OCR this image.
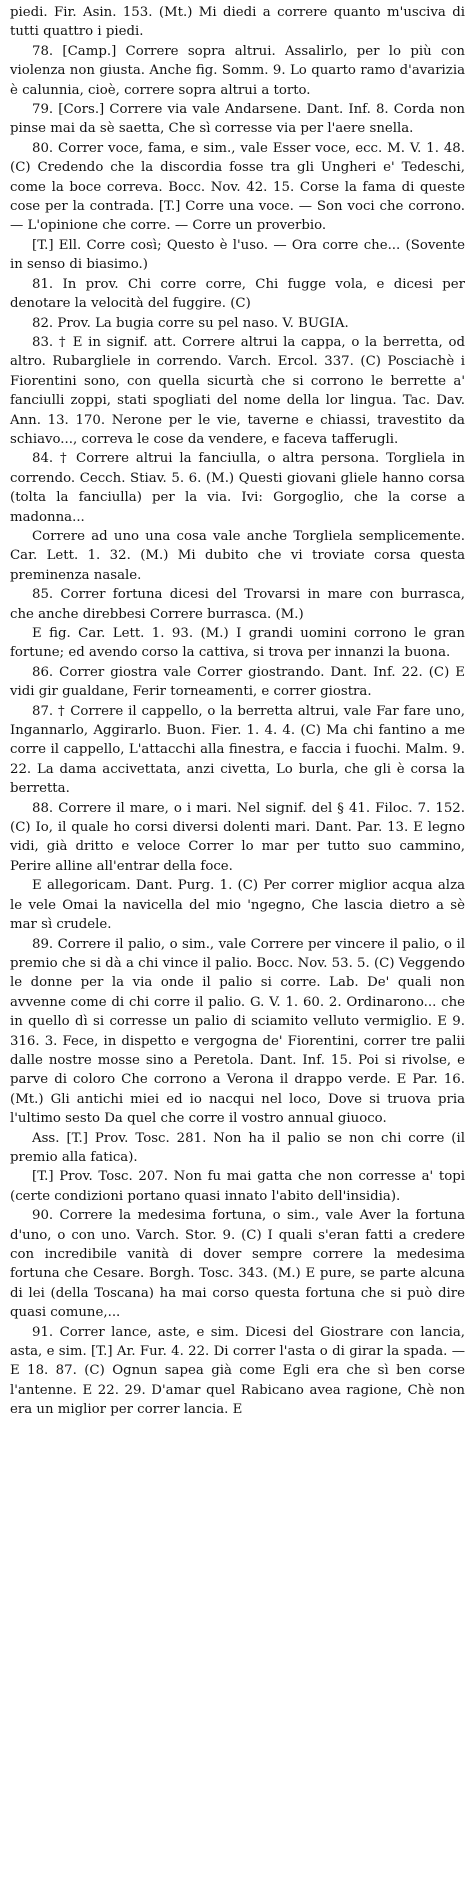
piedi. Fir. Asin. 153. (Mt.) Mi diedi a correre quanto m'usciva di tutti quattro i piedi.

78. [Camp.] Correre sopra altrui. Assalirlo, per lo più con violenza non giusta. Anche fig. Somm. 9. Lo quarto ramo d'avarizia è calunnia, cioè, correre sopra altrui a torto.

79. [Cors.] Correre via vale Andarsene. Dant. Inf. 8. Corda non pinse mai da sè saetta, Che sì corresse via per l'aere snella.

80. Correr voce, fama, e sim., vale Esser voce, ecc. M. V. 1. 48. (C) Credendo che la discordia fosse tra gli Ungheri e' Tedeschi, come la boce correva. Bocc. Nov. 42. 15. Corse la fama di queste cose per la contrada. [T.] Corre una voce. — Son voci che corrono. — L'opinione che corre. — Corre un proverbio.

[T.] Ell. Corre così; Questo è l'uso. — Ora corre che... (Sovente in senso di biasimo.)

81. In prov. Chi corre corre, Chi fugge vola, e dicesi per denotare la velocità del fuggire. (C)

82. Prov. La bugia corre su pel naso. V. BUGIA.

83. † E in signif. att. Correre altrui la cappa, o la berretta, od altro. Rubargliele in correndo. Varch. Ercol. 337. (C) Posciachè i Fiorentini sono, con quella sicurtà che si corrono le berrette a' fanciulli zoppi, stati spogliati del nome della lor lingua. Tac. Dav. Ann. 13. 170. Nerone per le vie, taverne e chiassi, travestito da schiavo..., correva le cose da vendere, e faceva tafferugli.

84. † Correre altrui la fanciulla, o altra persona. Torgliela in correndo. Cecch. Stiav. 5. 6. (M.) Questi giovani gliele hanno corsa (tolta la fanciulla) per la via. Ivi: Gorgoglio, che la corse a madonna...

Correre ad uno una cosa vale anche Torgliela semplicemente. Car. Lett. 1. 32. (M.) Mi dubito che vi troviate corsa questa preminenza nasale.

85. Correr fortuna dicesi del Trovarsi in mare con burrasca, che anche direbbesi Correre burrasca. (M.)

E fig. Car. Lett. 1. 93. (M.) I grandi uomini corrono le gran fortune; ed avendo corso la cattiva, si trova per innanzi la buona.

86. Correr giostra vale Correr giostrando. Dant. Inf. 22. (C) E vidi gir gualdane, Ferir torneamenti, e correr giostra.

87. † Correre il cappello, o la berretta altrui, vale Far fare uno, Ingannarlo, Aggirarlo. Buon. Fier. 1. 4. 4. (C) Ma chi fantino a me corre il cappello, L'attacchi alla finestra, e faccia i fuochi. Malm. 9. 22. La dama accivettata, anzi civetta, Lo burla, che gli è corsa la berretta.

88. Correre il mare, o i mari. Nel signif. del § 41. Filoc. 7. 152. (C) Io, il quale ho corsi diversi dolenti mari. Dant. Par. 13. E legno vidi, già dritto e veloce Correr lo mar per tutto suo cammino, Perire alline all'entrar della foce.

E allegoricam. Dant. Purg. 1. (C) Per correr miglior acqua alza le vele Omai la navicella del mio 'ngegno, Che lascia dietro a sè mar sì crudele.

89. Correre il palio, o sim., vale Correre per vincere il palio, o il premio che si dà a chi vince il palio. Bocc. Nov. 53. 5. (C) Veggendo le donne per la via onde il palio si corre. Lab. De' quali non avvenne come di chi corre il palio. G. V. 1. 60. 2. Ordinarono... che in quello dì si corresse un palio di sciamito velluto vermiglio. E 9. 316. 3. Fece, in dispetto e vergogna de' Fiorentini, correr tre palii dalle nostre mosse sino a Peretola. Dant. Inf. 15. Poi si rivolse, e parve di coloro Che corrono a Verona il drappo verde. E Par. 16. (Mt.) Gli antichi miei ed io nacqui nel loco, Dove si truova pria l'ultimo sesto Da quel che corre il vostro annual giuoco.

Ass. [T.] Prov. Tosc. 281. Non ha il palio se non chi corre (il premio alla fatica).

[T.] Prov. Tosc. 207. Non fu mai gatta che non corresse a' topi (certe condizioni portano quasi innato l'abito dell'insidia).

90. Correre la medesima fortuna, o sim., vale Aver la fortuna d'uno, o con uno. Varch. Stor. 9. (C) I quali s'eran fatti a credere con incredibile vanità di dover sempre correre la medesima fortuna che Cesare. Borgh. Tosc. 343. (M.) E pure, se parte alcuna di lei (della Toscana) ha mai corso questa fortuna che si può dire quasi comune,...

91. Correr lance, aste, e sim. Dicesi del Giostrare con lancia, asta, e sim. [T.] Ar. Fur. 4. 22. Di correr l'asta o di girar la spada. — E 18. 87. (C) Ognun sapea già come Egli era che sì ben corse l'antenne. E 22. 29. D'amar quel Rabicano avea ragione, Chè non era un miglior per correr lancia. E
